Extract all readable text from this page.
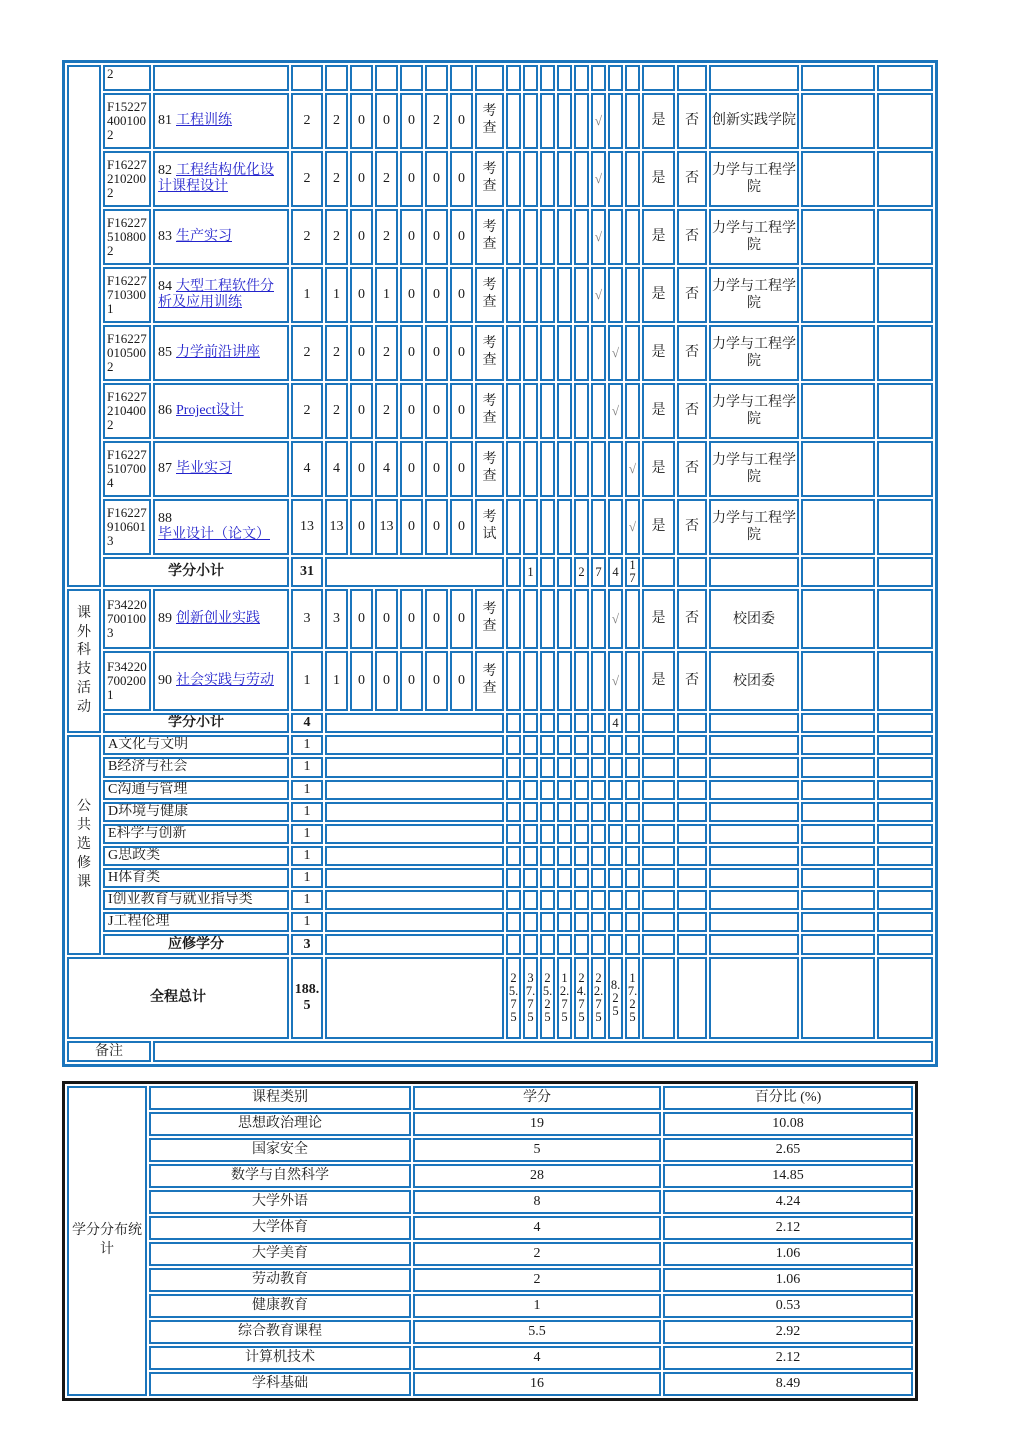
	2																						
	F152274001002	81 工程训练	2	2	0	0	0	2	0	考查						√			是	否	创新实践学院		
	F162272102002	82 工程结构优化设计课程设计	2	2	0	2	0	0	0	考查						√			是	否	力学与工程学院		
	F162275108002	83 生产实习	2	2	0	2	0	0	0	考查						√			是	否	力学与工程学院		
	F162277103001	84 大型工程软件分析及应用训练	1	1	0	1	0	0	0	考查						√			是	否	力学与工程学院		
	F162270105002	85 力学前沿讲座	2	2	0	2	0	0	0	考查							√		是	否	力学与工程学院		
	F162272104002	86 Project设计	2	2	0	2	0	0	0	考查							√		是	否	力学与工程学院		
	F162275107004	87 毕业实习	4	4	0	4	0	0	0	考查								√	是	否	力学与工程学院		
	F162279106013	88毕业设计（论文）	13	13	0	13	0	0	0	考试								√	是	否	力学与工程学院		
	学分小计		31									1			2	7	4	17					
课外科技活动	F342207001003	89 创新创业实践	3	3	0	0	0	0	0	考查							√		是	否	校团委		
	F342207002001	90 社会实践与劳动	1	1	0	0	0	0	0	考查							√		是	否	校团委		
	学分小计		4														4						
公共选修课	A文化与文明		1																				
	B经济与社会		1																				
	C沟通与管理		1																				
	D环境与健康		1																				
	E科学与创新		1																				
	G思政类		1																				
	H体育类		1																				
	I创业教育与就业指导类		1																				
	J工程伦理		1																				
	应修学分		3																				
全程总计			188.5								25.75	37.75	25.25	12.75	24.75	22.75	8.25	17.25					
备注																							
学分分布统计	课程类别	学分	百分比 (%)
	思想政治理论	19	10.08
	国家安全	5	2.65
	数学与自然科学	28	14.85
	大学外语	8	4.24
	大学体育	4	2.12
	大学美育	2	1.06
	劳动教育	2	1.06
	健康教育	1	0.53
	综合教育课程	5.5	2.92
	计算机技术	4	2.12
	学科基础	16	8.49
